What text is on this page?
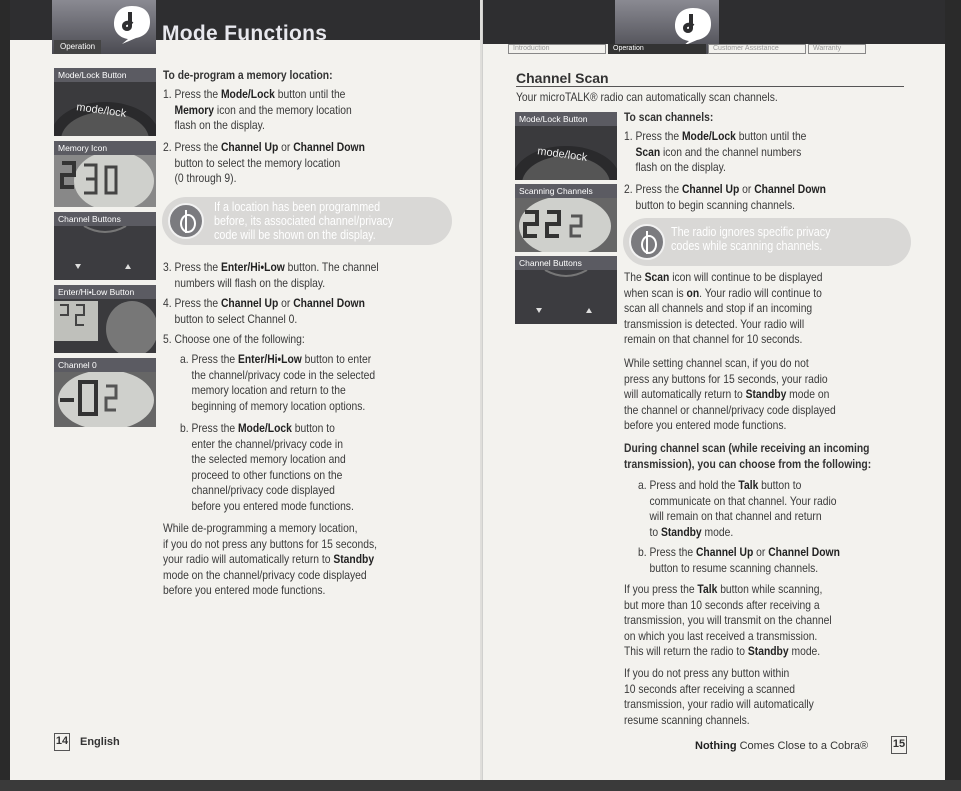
Operation
Mode Functions
Mode/Lock Button
mode/lock
Memory Icon
Channel Buttons
Enter/Hi•Low Button
Channel 0
To de-program a memory location:
1. Press the Mode/Lock button until the
Memory icon and the memory location
flash on the display.
2. Press the Channel Up or Channel Down
button to select the memory location
(0 through 9).
If a location has been programmed
before, its associated channel/privacy
code will be shown on the display.
3. Press the Enter/Hi•Low button. The channel
numbers will flash on the display.
4. Press the Channel Up or Channel Down
button to select Channel 0.
5. Choose one of the following:
a. Press the Enter/Hi•Low button to enter
the channel/privacy code in the selected
memory location and return to the
beginning of memory location options.
b. Press the Mode/Lock button to
enter the channel/privacy code in
the selected memory location and
proceed to other functions on the
channel/privacy code displayed
before you entered mode functions.
While de-programming a memory location,
if you do not press any buttons for 15 seconds,
your radio will automatically return to Standby
mode on the channel/privacy code displayed
before you entered mode functions.
14 English
Introduction	Operation	Customer Assistance	Warranty
Channel Scan
Your microTALK® radio can automatically scan channels.
Mode/Lock Button
mode/lock
Scanning Channels
Channel Buttons
To scan channels:
1. Press the Mode/Lock button until the
Scan icon and the channel numbers
flash on the display.
2. Press the Channel Up or Channel Down
button to begin scanning channels.
The radio ignores specific privacy
codes while scanning channels.
The Scan icon will continue to be displayed
when scan is on. Your radio will continue to
scan all channels and stop if an incoming
transmission is detected. Your radio will
remain on that channel for 10 seconds.
While setting channel scan, if you do not
press any buttons for 15 seconds, your radio
will automatically return to Standby mode on
the channel or channel/privacy code displayed
before you entered mode functions.
During channel scan (while receiving an incoming
transmission), you can choose from the following:
a. Press and hold the Talk button to
communicate on that channel. Your radio
will remain on that channel and return
to Standby mode.
b. Press the Channel Up or Channel Down
button to resume scanning channels.
If you press the Talk button while scanning,
but more than 10 seconds after receiving a
transmission, you will transmit on the channel
on which you last received a transmission.
This will return the radio to Standby mode.
If you do not press any button within
10 seconds after receiving a scanned
transmission, your radio will automatically
resume scanning channels.
Nothing Comes Close to a Cobra® 15
